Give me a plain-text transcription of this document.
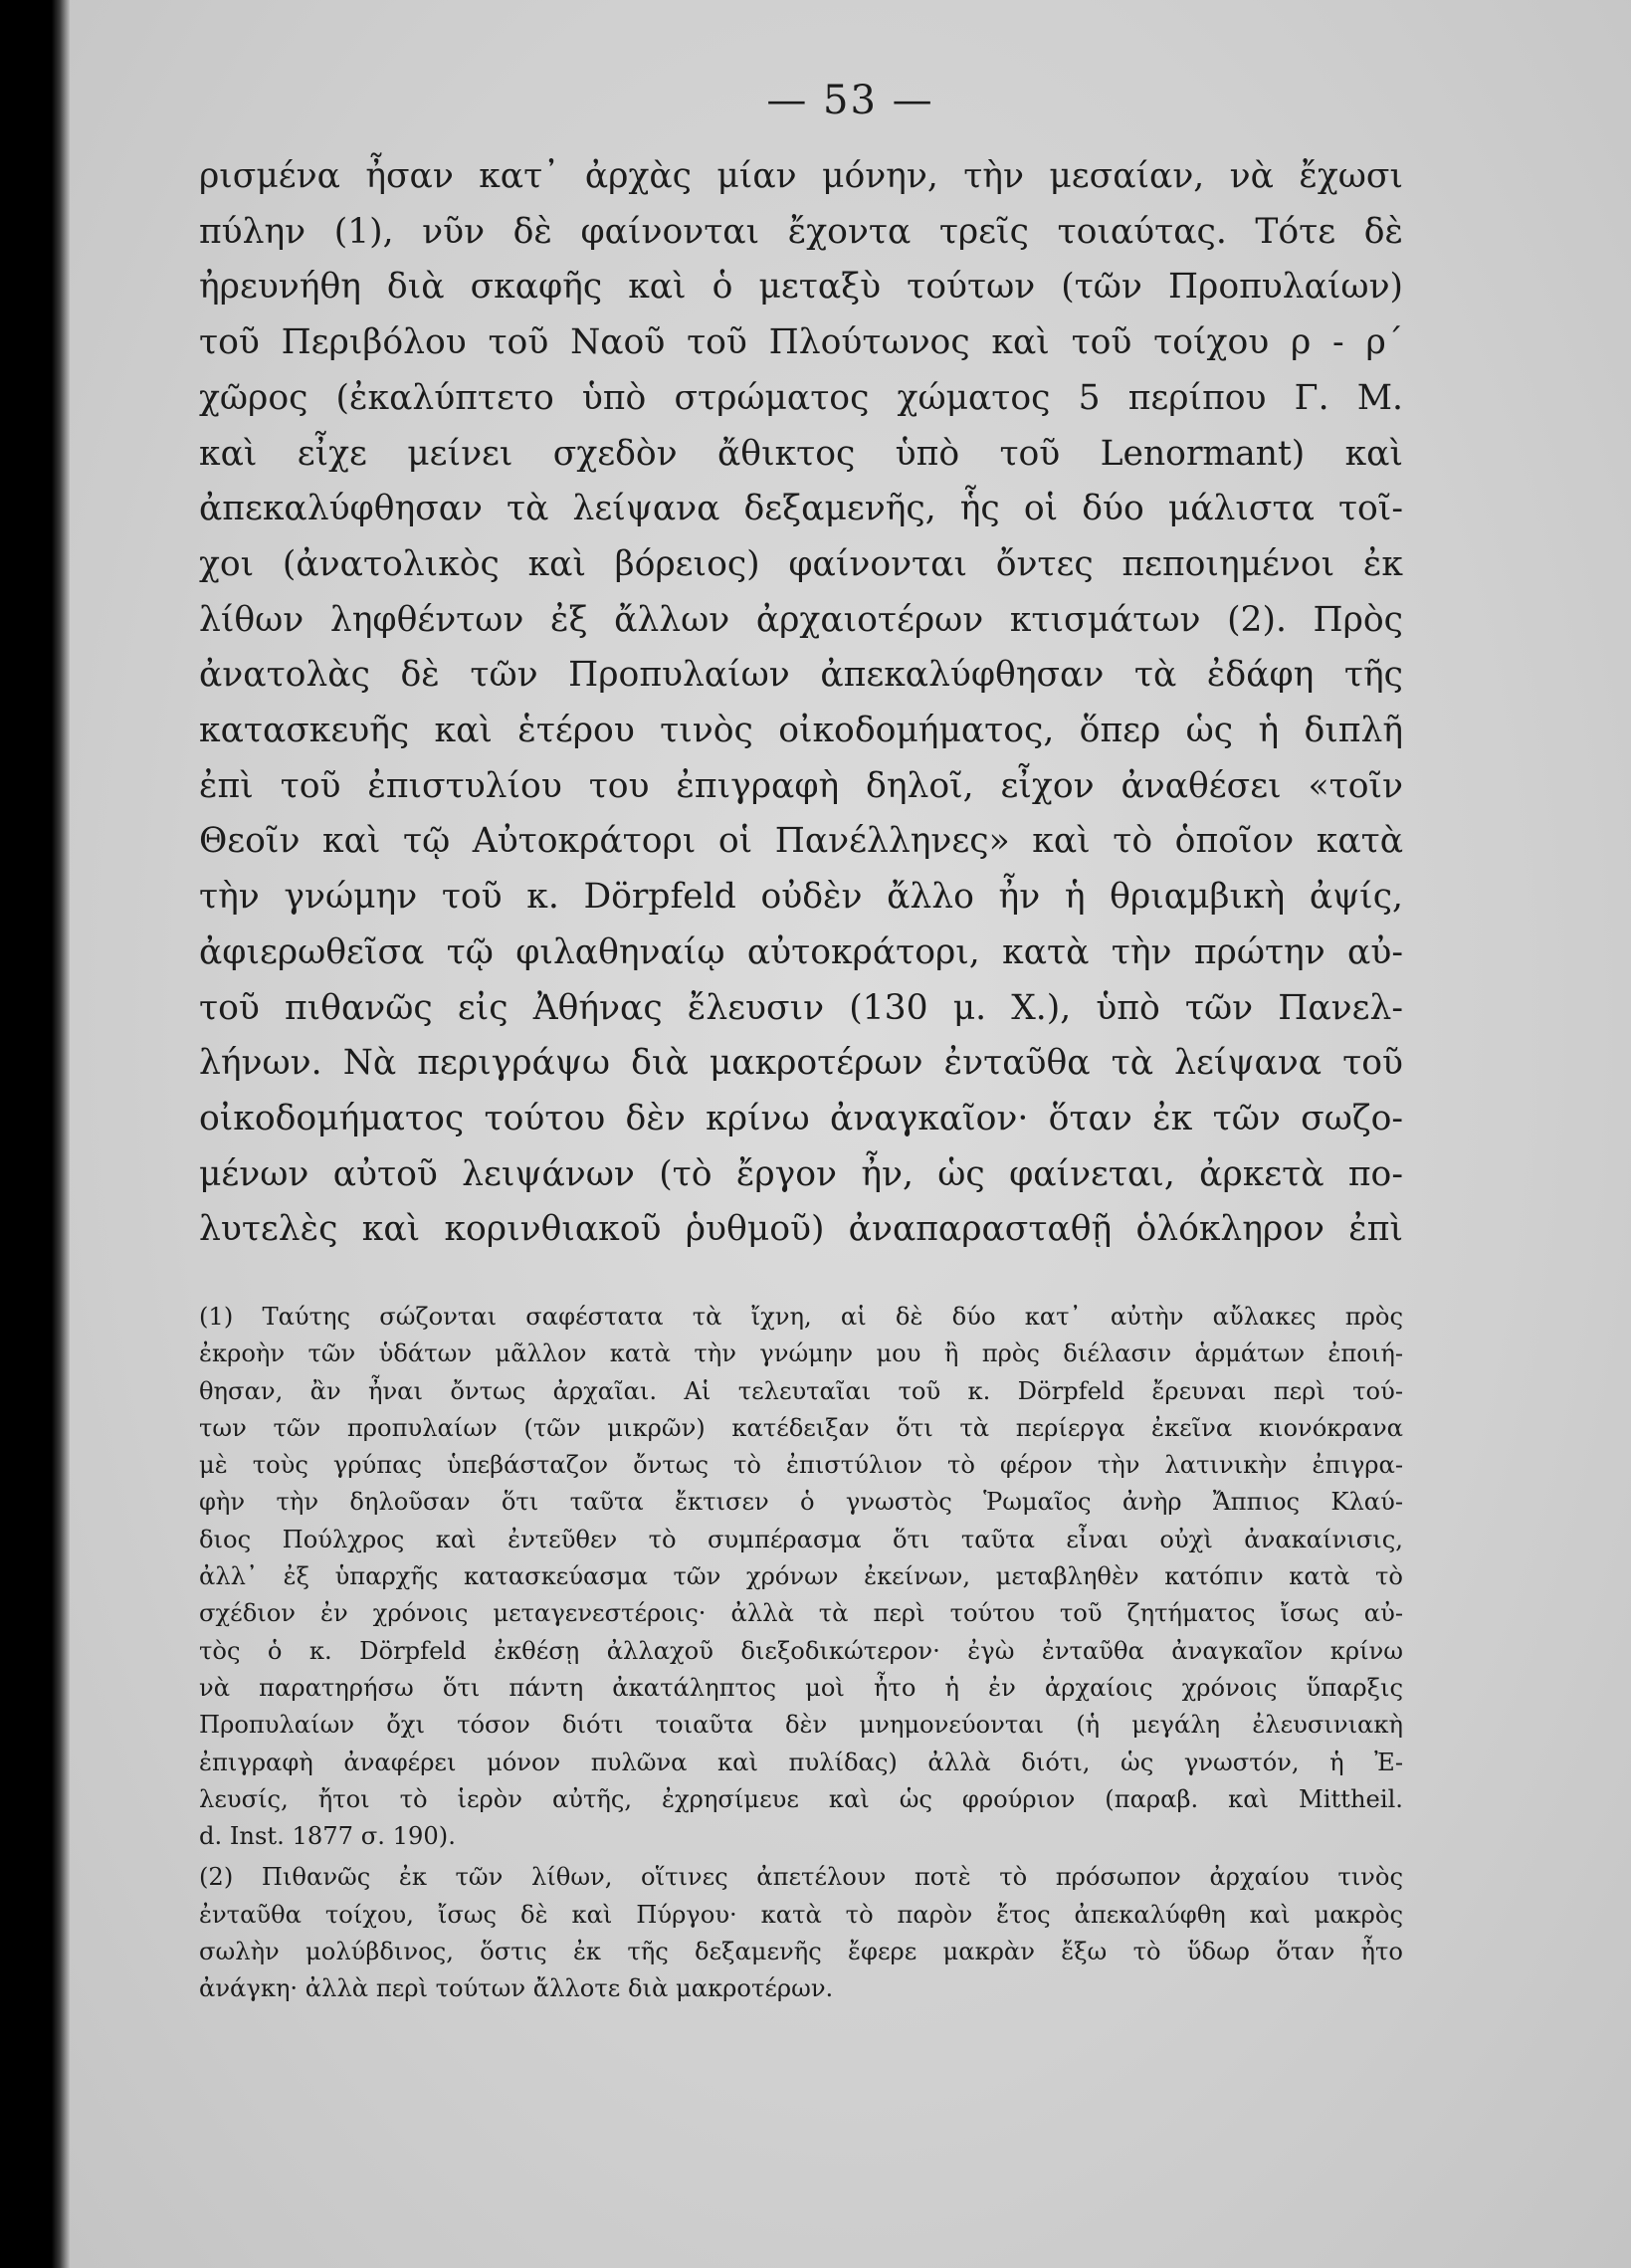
— 53 —
ρισμένα ἦσαν κατ᾽ ἀρχὰς μίαν μόνην, τὴν μεσαίαν, νὰ ἔχωσι
πύλην (1), νῦν δὲ φαίνονται ἔχοντα τρεῖς τοιαύτας. Τότε δὲ
ἠρευνήθη διὰ σκαφῆς καὶ ὁ μεταξὺ τούτων (τῶν Προπυλαίων)
τοῦ Περιβόλου τοῦ Ναοῦ τοῦ Πλούτωνος καὶ τοῦ τοίχου ρ - ρ΄
χῶρος (ἐκαλύπτετο ὑπὸ στρώματος χώματος 5 περίπου Γ. Μ.
καὶ εἶχε μείνει σχεδὸν ἄθικτος ὑπὸ τοῦ Lenormant) καὶ
ἀπεκαλύφθησαν τὰ λείψανα δεξαμενῆς, ἧς οἱ δύο μάλιστα τοῖ-
χοι (ἀνατολικὸς καὶ βόρειος) φαίνονται ὄντες πεποιημένοι ἐκ
λίθων ληφθέντων ἐξ ἄλλων ἀρχαιοτέρων κτισμάτων (2). Πρὸς
ἀνατολὰς δὲ τῶν Προπυλαίων ἀπεκαλύφθησαν τὰ ἐδάφη τῆς
κατασκευῆς καὶ ἑτέρου τινὸς οἰκοδομήματος, ὅπερ ὡς ἡ διπλῆ
ἐπὶ τοῦ ἐπιστυλίου του ἐπιγραφὴ δηλοῖ, εἶχον ἀναθέσει «τοῖν
Θεοῖν καὶ τῷ Αὐτοκράτορι οἱ Πανέλληνες» καὶ τὸ ὁποῖον κατὰ
τὴν γνώμην τοῦ κ. Dörpfeld οὐδὲν ἄλλο ἦν ἡ θριαμβικὴ ἀψίς,
ἀφιερωθεῖσα τῷ φιλαθηναίῳ αὐτοκράτορι, κατὰ τὴν πρώτην αὐ-
τοῦ πιθανῶς εἰς Ἀθήνας ἔλευσιν (130 μ. Χ.), ὑπὸ τῶν Πανελ-
λήνων. Νὰ περιγράψω διὰ μακροτέρων ἐνταῦθα τὰ λείψανα τοῦ
οἰκοδομήματος τούτου δὲν κρίνω ἀναγκαῖον· ὅταν ἐκ τῶν σωζο-
μένων αὐτοῦ λειψάνων (τὸ ἔργον ἦν, ὡς φαίνεται, ἀρκετὰ πο-
λυτελὲς καὶ κορινθιακοῦ ῥυθμοῦ) ἀναπαρασταθῇ ὁλόκληρον ἐπὶ
(1) Ταύτης σώζονται σαφέστατα τὰ ἴχνη, αἱ δὲ δύο κατ᾽ αὐτὴν αὔλακες πρὸς
ἐκροὴν τῶν ὑδάτων μᾶλλον κατὰ τὴν γνώμην μου ἢ πρὸς διέλασιν ἁρμάτων ἐποιή-
θησαν, ἂν ἦναι ὄντως ἀρχαῖαι. Αἱ τελευταῖαι τοῦ κ. Dörpfeld ἔρευναι περὶ τού-
των τῶν προπυλαίων (τῶν μικρῶν) κατέδειξαν ὅτι τὰ περίεργα ἐκεῖνα κιονόκρανα
μὲ τοὺς γρύπας ὑπεβάσταζον ὄντως τὸ ἐπιστύλιον τὸ φέρον τὴν λατινικὴν ἐπιγρα-
φὴν τὴν δηλοῦσαν ὅτι ταῦτα ἔκτισεν ὁ γνωστὸς Ῥωμαῖος ἀνὴρ Ἄππιος Κλαύ-
διος Πούλχρος καὶ ἐντεῦθεν τὸ συμπέρασμα ὅτι ταῦτα εἶναι οὐχὶ ἀνακαίνισις,
ἀλλ᾽ ἐξ ὑπαρχῆς κατασκεύασμα τῶν χρόνων ἐκείνων, μεταβληθὲν κατόπιν κατὰ τὸ
σχέδιον ἐν χρόνοις μεταγενεστέροις· ἀλλὰ τὰ περὶ τούτου τοῦ ζητήματος ἴσως αὐ-
τὸς ὁ κ. Dörpfeld ἐκθέσῃ ἀλλαχοῦ διεξοδικώτερον· ἐγὼ ἐνταῦθα ἀναγκαῖον κρίνω
νὰ παρατηρήσω ὅτι πάντη ἀκατάληπτος μοὶ ἦτο ἡ ἐν ἀρχαίοις χρόνοις ὕπαρξις
Προπυλαίων ὄχι τόσον διότι τοιαῦτα δὲν μνημονεύονται (ἡ μεγάλη ἐλευσινιακὴ
ἐπιγραφὴ ἀναφέρει μόνον πυλῶνα καὶ πυλίδας) ἀλλὰ διότι, ὡς γνωστόν, ἡ Ἐ-
λευσίς, ἤτοι τὸ ἱερὸν αὐτῆς, ἐχρησίμευε καὶ ὡς φρούριον (παραβ. καὶ Mittheil.
d. Inst. 1877 σ. 190).
(2) Πιθανῶς ἐκ τῶν λίθων, οἵτινες ἀπετέλουν ποτὲ τὸ πρόσωπον ἀρχαίου τινὸς
ἐνταῦθα τοίχου, ἴσως δὲ καὶ Πύργου· κατὰ τὸ παρὸν ἔτος ἀπεκαλύφθη καὶ μακρὸς
σωλὴν μολύβδινος, ὅστις ἐκ τῆς δεξαμενῆς ἔφερε μακρὰν ἔξω τὸ ὕδωρ ὅταν ἦτο
ἀνάγκη· ἀλλὰ περὶ τούτων ἄλλοτε διὰ μακροτέρων.
